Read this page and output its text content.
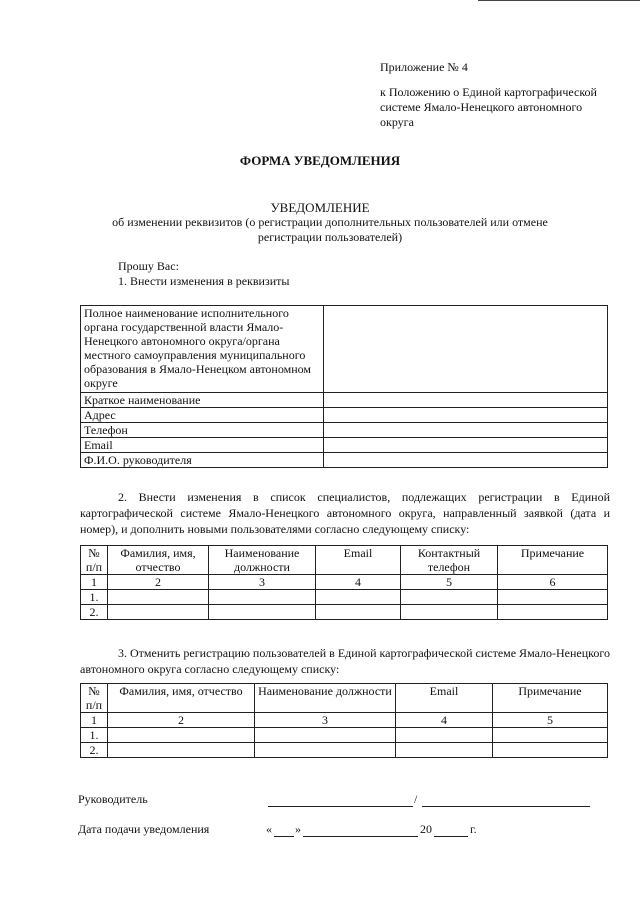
Приложение № 4
к Положению о Единой картографической
системе Ямало-Ненецкого автономного
округа
ФОРМА УВЕДОМЛЕНИЯ
УВЕДОМЛЕНИЕ
об изменении реквизитов (о регистрации дополнительных пользователей или отмене регистрации пользователей)
Прошу Вас:
1. Внести изменения в реквизиты
Полное наименование исполнительного органа государственной власти Ямало-Ненецкого автономного округа/органа местного самоуправления муниципального образования в Ямало-Ненецком автономном округе	
Краткое наименование	
Адрес	
Телефон	
Email	
Ф.И.О. руководителя	
2. Внести изменения в список специалистов, подлежащих регистрации в Единой картографической системе Ямало-Ненецкого автономного округа, направленный заявкой (дата и номер), и дополнить новыми пользователями согласно следующему списку:
№ п/п	Фамилия, имя, отчество	Наименование должности	Email	Контактный телефон	Примечание
1	2	3	4	5	6
1.					
2.					
3. Отменить регистрацию пользователей в Единой картографической системе Ямало-Ненецкого автономного округа согласно следующему списку:
№ п/п	Фамилия, имя, отчество	Наименование должности	Email	Примечание
1	2	3	4	5
1.				
2.				
Руководитель	/
Дата подачи уведомления	« »	20	г.
